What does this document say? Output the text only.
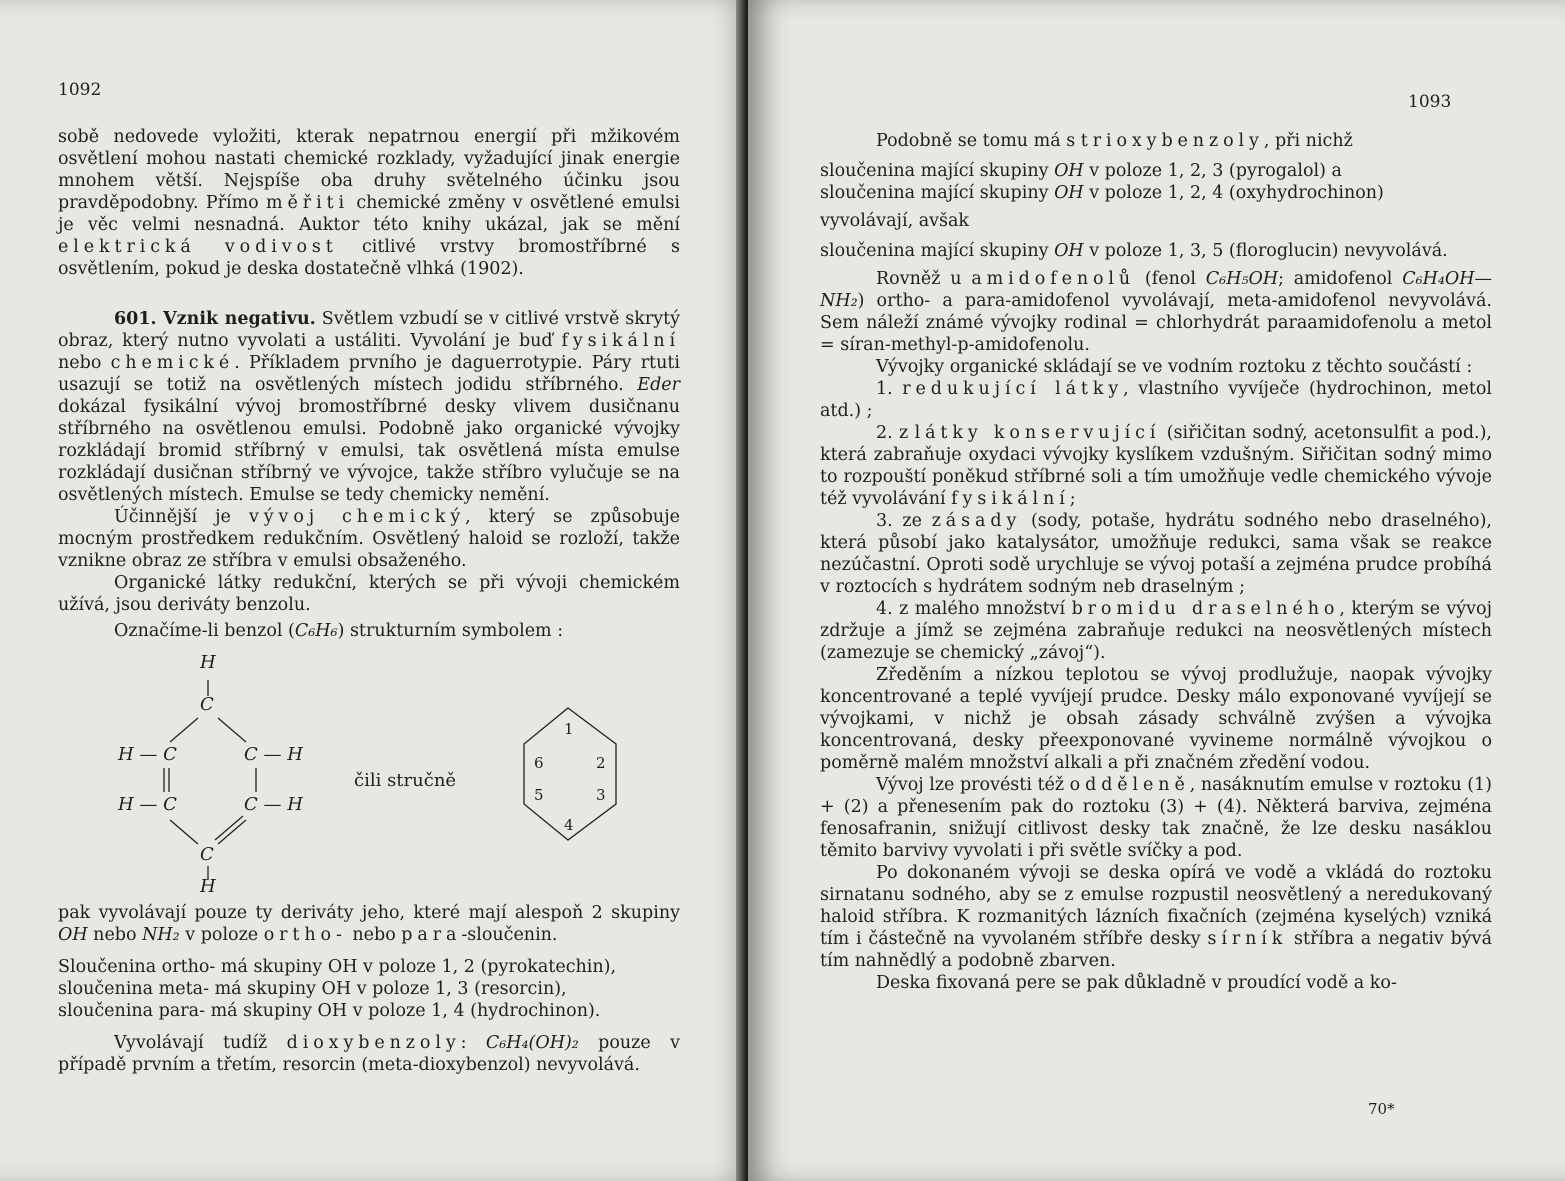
1092

sobě nedovede vyložiti, kterak nepatrnou energií při mžikovém osvětlení mohou nastati chemické rozklady, vyžadující jinak energie mnohem větší. Nejspíše oba druhy světelného účinku jsou pravděpodobny. Přímo měřiti chemické změny v osvětlené emulsi je věc velmi nesnadná. Auktor této knihy ukázal, jak se mění elektrická vodivost citlivé vrstvy bromostříbrné s osvětlením, pokud je deska dostatečně vlhká (1902).

601. Vznik negativu. Světlem vzbudí se v citlivé vrstvě skrytý obraz, který nutno vyvolati a ustáliti. Vyvolání je buď fysikální nebo chemické. Příkladem prvního je daguerrotypie. Páry rtuti usazují se totiž na osvětlených místech jodidu stříbrného. Eder dokázal fysikální vývoj bromostříbrné desky vlivem dusičnanu stříbrného na osvětlenou emulsi. Podobně jako organické vývojky rozkládají bromid stříbrný v emulsi, tak osvětlená místa emulse rozkládají dusičnan stříbrný ve vývojce, takže stříbro vylučuje se na osvětlených místech. Emulse se tedy chemicky nemění.

Účinnější je vývoj chemický, který se způsobuje mocným prostředkem redukčním. Osvětlený haloid se rozloží, takže vznikne obraz ze stříbra v emulsi obsaženého.

Organické látky redukční, kterých se při vývoji chemickém užívá, jsou deriváty benzolu.

Označíme-li benzol (C₆H₆) strukturním symbolem :

H
C
H — C	C — H
H — C	C — H
C
H
čili stručně
1
2
3
4
5
6

pak vyvolávají pouze ty deriváty jeho, které mají alespoň 2 skupiny OH nebo NH₂ v poloze ortho- nebo para-sloučenin.

Sloučenina ortho- má skupiny OH v poloze 1, 2 (pyrokatechin),

sloučenina meta- má skupiny OH v poloze 1, 3 (resorcin),

sloučenina para- má skupiny OH v poloze 1, 4 (hydrochinon).

Vyvolávají tudíž dioxybenzoly: C₆H₄(OH)₂ pouze v případě prvním a třetím, resorcin (meta-dioxybenzol) nevyvolává.

1093

Podobně se tomu má s trioxybenzoly, při nichž

sloučenina mající skupiny OH v poloze 1, 2, 3 (pyrogalol) a

sloučenina mající skupiny OH v poloze 1, 2, 4 (oxyhydrochinon)

vyvolávají, avšak

sloučenina mající skupiny OH v poloze 1, 3, 5 (floroglucin) nevyvolává.

Rovněž u amidofenolů (fenol C₆H₅OH; amidofenol C₆H₄OH—NH₂) ortho- a para-amidofenol vyvolávají, meta-amidofenol nevyvolává. Sem náleží známé vývojky rodinal = chlorhydrát paraamidofenolu a metol = síran-methyl-p-amidofenolu.

Vývojky organické skládají se ve vodním roztoku z těchto součástí :

1. redukující látky, vlastního vyvíječe (hydrochinon, metol atd.) ;

2. z látky konservující (siřičitan sodný, acetonsulfit a pod.), která zabraňuje oxydaci vývojky kyslíkem vzdušným. Siřičitan sodný mimo to rozpouští poněkud stříbrné soli a tím umožňuje vedle chemického vývoje též vyvolávání fysikální;

3. ze zásady (sody, potaše, hydrátu sodného nebo draselného), která působí jako katalysátor, umožňuje redukci, sama však se reakce nezúčastní. Oproti sodě urychluje se vývoj potaší a zejména prudce probíhá v roztocích s hydrátem sodným neb draselným ;

4. z malého množství bromidu draselného, kterým se vývoj zdržuje a jímž se zejména zabraňuje redukci na neosvětlených místech (zamezuje se chemický „závoj“).

Zředěním a nízkou teplotou se vývoj prodlužuje, naopak vývojky koncentrované a teplé vyvíjejí prudce. Desky málo exponované vyvíjejí se vývojkami, v nichž je obsah zásady schválně zvýšen a vývojka koncentrovaná, desky přeexponované vyvineme normálně vývojkou o poměrně malém množství alkali a při značném zředění vodou.

Vývoj lze provésti též odděleně, nasáknutím emulse v roztoku (1) + (2) a přenesením pak do roztoku (3) + (4). Některá barviva, zejména fenosafranin, snižují citlivost desky tak značně, že lze desku nasáklou těmito barvivy vyvolati i při světle svíčky a pod.

Po dokonaném vývoji se deska opírá ve vodě a vkládá do roztoku sirnatanu sodného, aby se z emulse rozpustil neosvětlený a neredukovaný haloid stříbra. K rozmanitých lázních fixačních (zejména kyselých) vzniká tím i částečně na vyvolaném stříbře desky sírník stříbra a negativ bývá tím nahnědlý a podobně zbarven.

Deska fixovaná pere se pak důkladně v proudící vodě a ko-

70*
